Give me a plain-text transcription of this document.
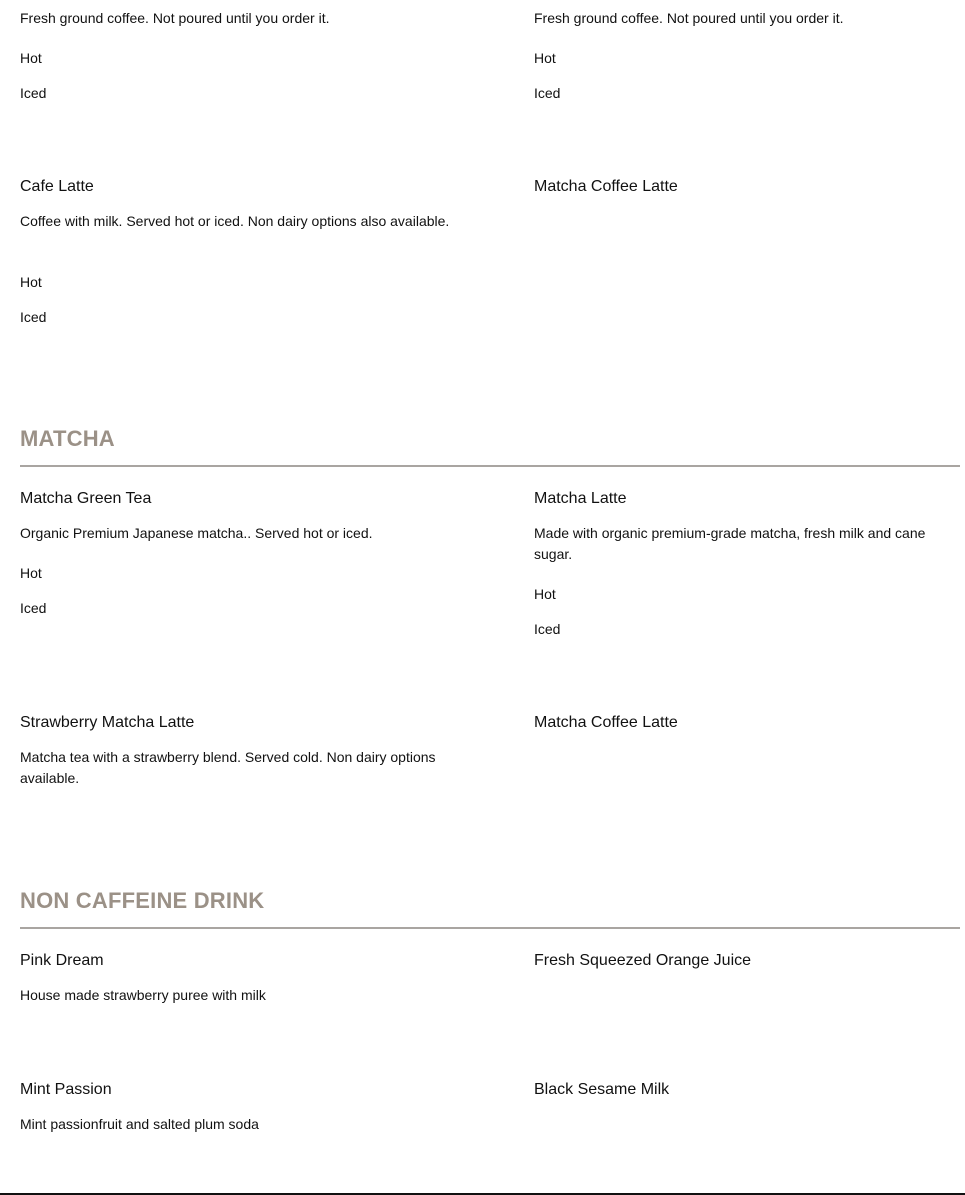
Fresh ground coffee. Not poured until you order it.

Hot

Iced

Fresh ground coffee. Not poured until you order it.

Hot

Iced

Cafe Latte

Coffee with milk. Served hot or iced. Non dairy options also available.

Hot

Iced

Matcha Coffee Latte

MATCHA

Matcha Green Tea

Organic Premium Japanese matcha.. Served hot or iced.

Hot

Iced

Matcha Latte

Made with organic premium-grade matcha, fresh milk and cane sugar.

Hot

Iced

Strawberry Matcha Latte

Matcha tea with a strawberry blend. Served cold. Non dairy options available.

Matcha Coffee Latte

NON CAFFEINE DRINK

Pink Dream

House made strawberry puree with milk

Fresh Squeezed Orange Juice

Mint Passion

Mint passionfruit and salted plum soda

Black Sesame Milk
